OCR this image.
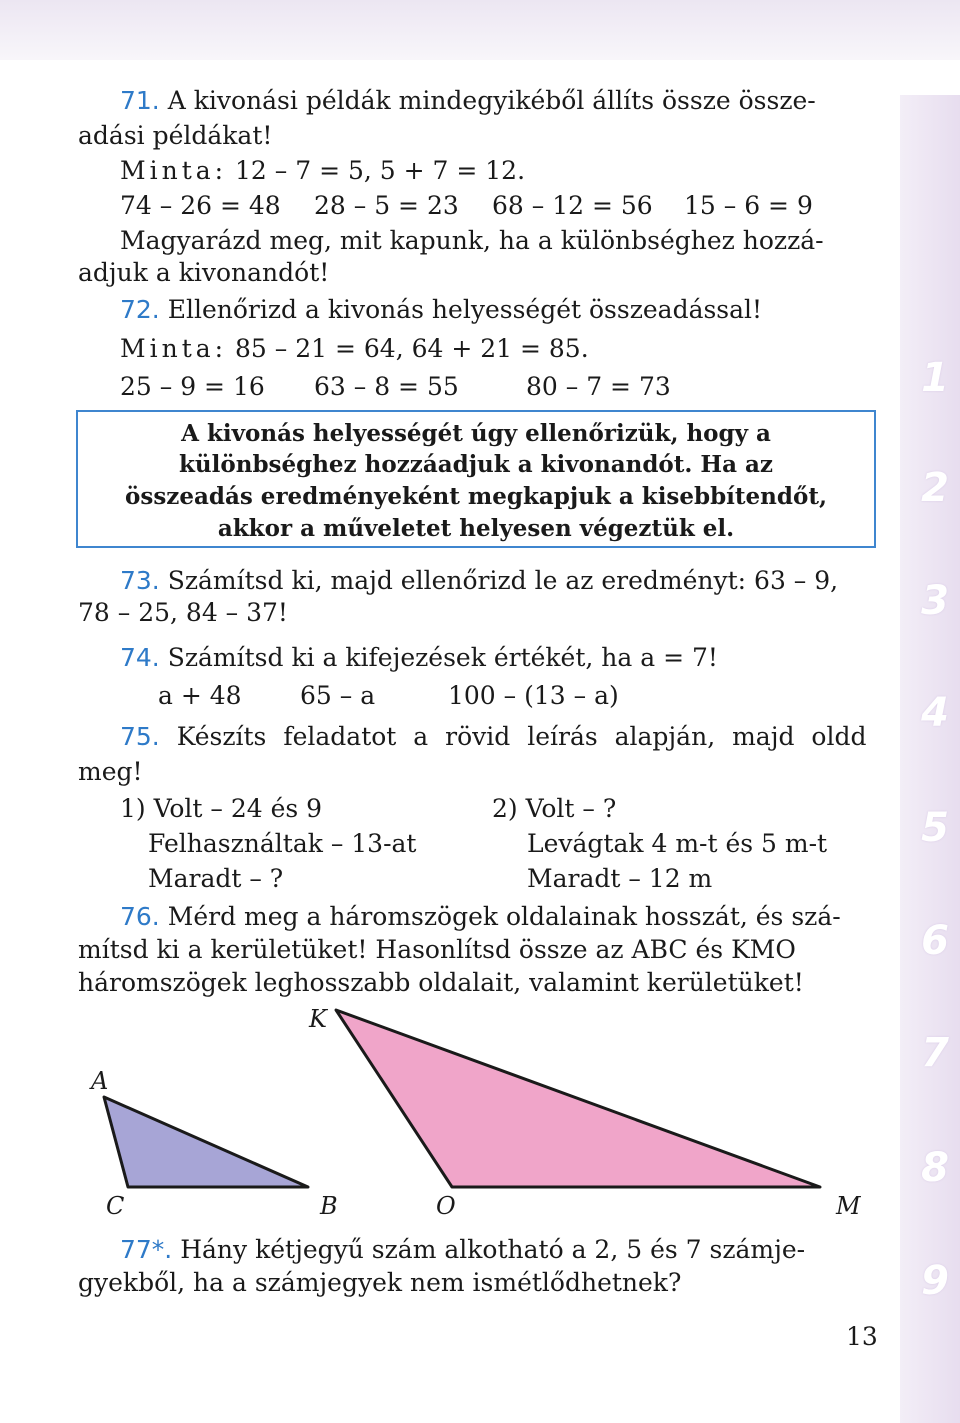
1
2
3
4
5
6
7
8
9
71. A kivonási példák mindegyikéből állíts össze össze-
adási példákat!
Minta: 12 – 7 = 5, 5 + 7 = 12.
74 – 26 = 48 28 – 5 = 23 68 – 12 = 56 15 – 6 = 9
Magyarázd meg, mit kapunk, ha a különbséghez hozzá-
adjuk a kivonandót!
72. Ellenőrizd a kivonás helyességét összeadással!
Minta: 85 – 21 = 64, 64 + 21 = 85.
25 – 9 = 16 63 – 8 = 55	80 – 7 = 73
A kivonás helyességét úgy ellenőrizük, hogy a
különbséghez hozzáadjuk a kivonandót. Ha az
összeadás eredményeként megkapjuk a kisebbítendőt,
akkor a műveletet helyesen végeztük el.
73. Számítsd ki, majd ellenőrizd le az eredményt: 63 – 9,
78 – 25, 84 – 37!
74. Számítsd ki a kifejezések értékét, ha a = 7!
a + 48 65 – a	100 – (13 – a)
75. Készíts feladatot a rövid leírás alapján, majd oldd
meg!
1) Volt – 24 és 9
Felhasználtak – 13-at
Maradt – ?
2) Volt – ?
Levágtak 4 m-t és 5 m-t
Maradt – 12 m
76. Mérd meg a háromszögek oldalainak hosszát, és szá-
mítsd ki a kerületüket! Hasonlítsd össze az ABC és KMO
háromszögek leghosszabb oldalait, valamint kerületüket!
A
C	B
K
O	M
77*. Hány kétjegyű szám alkotható a 2, 5 és 7 számje-
gyekből, ha a számjegyek nem ismétlődhetnek?
13
